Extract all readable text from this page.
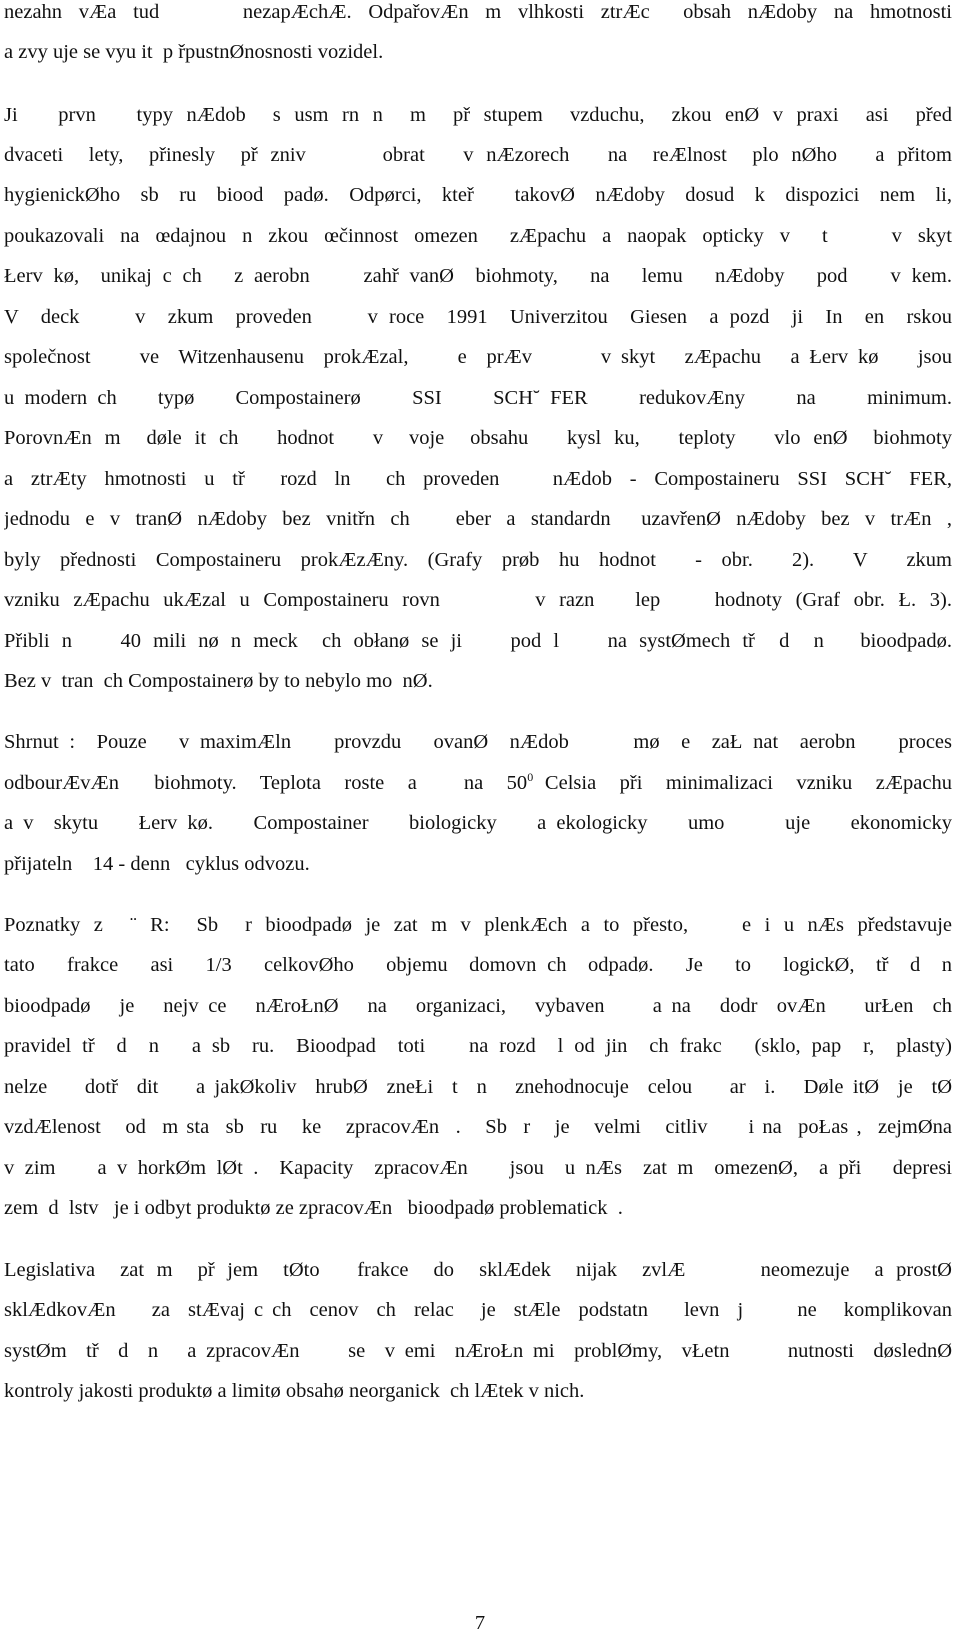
nezahn vÆa tud     nezapÆchÆ. OdpařovÆn m vlhkosti ztrÆc  obsah nÆdoby na hmotnosti
a zvy uje se vyu it  p řpustnØnosnosti vozidel.
Ji   prvn   typy nÆdob  s usm rn n  m  př stupem  vzduchu,  zkou enØ v praxi  asi  před
dvaceti  lety,  přinesly  př zniv      obrat   v nÆzorech   na  reÆlnost  plo nØho   a přitom
hygienickØho sb ru biood padø. Odpørci, kteř  takovØ nÆdoby dosud k dispozici nem li,
poukazovali na œdajnou n zkou œčinnost omezen  zÆpachu a naopak opticky v  t    v skyt
Łerv kø,  unikaj c ch   z aerobn     zahř vanØ  biohmoty,   na   lemu   nÆdoby   pod    v kem.
V  deck     v  zkum  proveden     v roce  1991  Univerzitou  Giesen  a pozd  ji  In  en  rskou
společnost     ve  Witzenhausenu  prokÆzal,     e  prÆv       v skyt   zÆpachu   a Łerv kø    jsou
u modern ch    typø    Compostainerø     SSI     SCH˘ FER     redukovÆny     na     minimum.
PorovnÆn m  døle it ch   hodnot   v  voje  obsahu   kysl ku,   teploty   vlo enØ  biohmoty
a ztrÆty hmotnosti u tř  rozd ln  ch proveden   nÆdob - Compostaineru SSI SCH˘ FER,
jednodu e v tranØ nÆdoby bez vnitřn ch   eber a standardn  uzavřenØ nÆdoby bez v trÆn ,
byly přednosti Compostaineru prokÆzÆny. (Grafy prøb hu hodnot  - obr.  2).  V  zkum
vzniku zÆpachu ukÆzal u Compostaineru rovn       v razn   lep    hodnoty (Graf obr. Ł. 3).
Přibli n    40 mili nø n meck  ch obłanø se ji    pod l    na systØmech tř  d  n   bioodpadø.
Bez v  tran  ch Compostainerø by to nebylo mo  nØ.
Shrnut :  Pouze   v maximÆln    provzdu   ovanØ  nÆdob      mø  e  zaŁ nat  aerobn    proces
odbourÆvÆn   biohmoty.  Teplota  roste  a    na  $50^0$ Celsia  při  minimalizaci  vzniku  zÆpachu
a v  skytu    Łerv kø.    Compostainer    biologicky    a ekologicky    umo      uje    ekonomicky
přijateln    14 - denn   cyklus odvozu.
Poznatky z  ¨ R:  Sb  r bioodpadø je zat m v plenkÆch a to přesto,    e i u nÆs představuje
tato   frakce   asi   1/3   celkovØho   objemu  domovn ch  odpadø.   Je   to   logickØ,  tř  d  n
bioodpadø   je   nejv ce   nÆroŁnØ   na   organizaci,   vybaven     a na   dodr  ovÆn    urŁen  ch
pravidel tř  d  n   a sb  ru.  Bioodpad  toti    na rozd  l od jin  ch frakc   (sklo, pap  r,  plasty)
nelze    dotř  dit    a jakØkoliv  hrubØ  zneŁi  t  n   znehodnocuje  celou    ar  i.   Døle itØ  je  tØ
vzdÆlenost   od  m sta  sb  ru   ke   zpracovÆn  .   Sb  r   je   velmi   citliv     i na  poŁas ,  zejmØna
v zim    a v horkØm lØt .  Kapacity  zpracovÆn    jsou  u nÆs  zat m  omezenØ,  a při   depresi
zem  d  lstv   je i odbyt produktø ze zpracovÆn   bioodpadø problematick  .
Legislativa  zat m  př jem  tØto   frakce  do  sklÆdek  nijak  zvlÆ      neomezuje  a prostØ
sklÆdkovÆn    za  stÆvaj c ch  cenov  ch  relac   je  stÆle  podstatn    levn  j      ne   komplikovan
systØm  tř  d  n   a zpracovÆn     se  v emi  nÆroŁn mi  problØmy,  vŁetn      nutnosti  døslednØ
kontroly jakosti produktø a limitø obsahø neorganick  ch lÆtek v nich.
7
